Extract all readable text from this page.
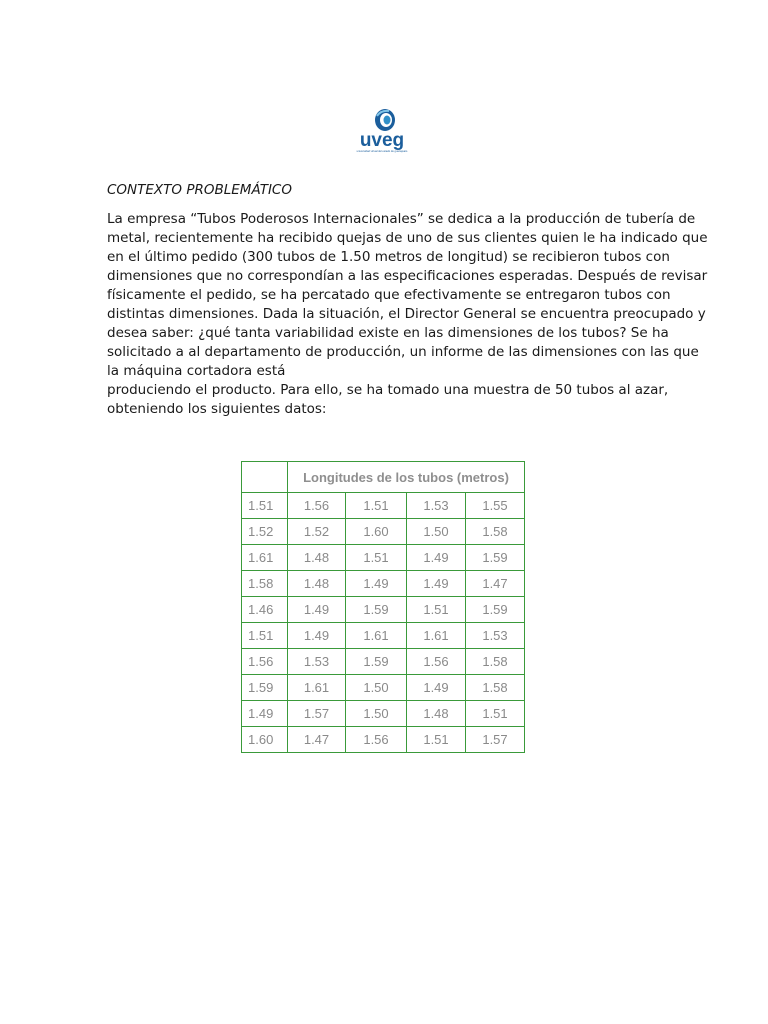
uveg
universidad virtual del estado de guanajuato
CONTEXTO PROBLEMÁTICO
La empresa “Tubos Poderosos Internacionales” se dedica a la producción de tubería de
metal, recientemente ha recibido quejas de uno de sus clientes quien le ha indicado que
en el último pedido (300 tubos de 1.50 metros de longitud) se recibieron tubos con
dimensiones que no correspondían a las especificaciones esperadas. Después de revisar
físicamente el pedido, se ha percatado que efectivamente se entregaron tubos con
distintas dimensiones. Dada la situación, el Director General se encuentra preocupado y
desea saber: ¿qué tanta variabilidad existe en las dimensiones de los tubos? Se ha
solicitado a al departamento de producción, un informe de las dimensiones con las que
la máquina cortadora está
produciendo el producto. Para ello, se ha tomado una muestra de 50 tubos al azar,
obteniendo los siguientes datos:
	Longitudes de los tubos (metros)			
1.51	1.56	1.51	1.53	1.55
1.52	1.52	1.60	1.50	1.58
1.61	1.48	1.51	1.49	1.59
1.58	1.48	1.49	1.49	1.47
1.46	1.49	1.59	1.51	1.59
1.51	1.49	1.61	1.61	1.53
1.56	1.53	1.59	1.56	1.58
1.59	1.61	1.50	1.49	1.58
1.49	1.57	1.50	1.48	1.51
1.60	1.47	1.56	1.51	1.57
